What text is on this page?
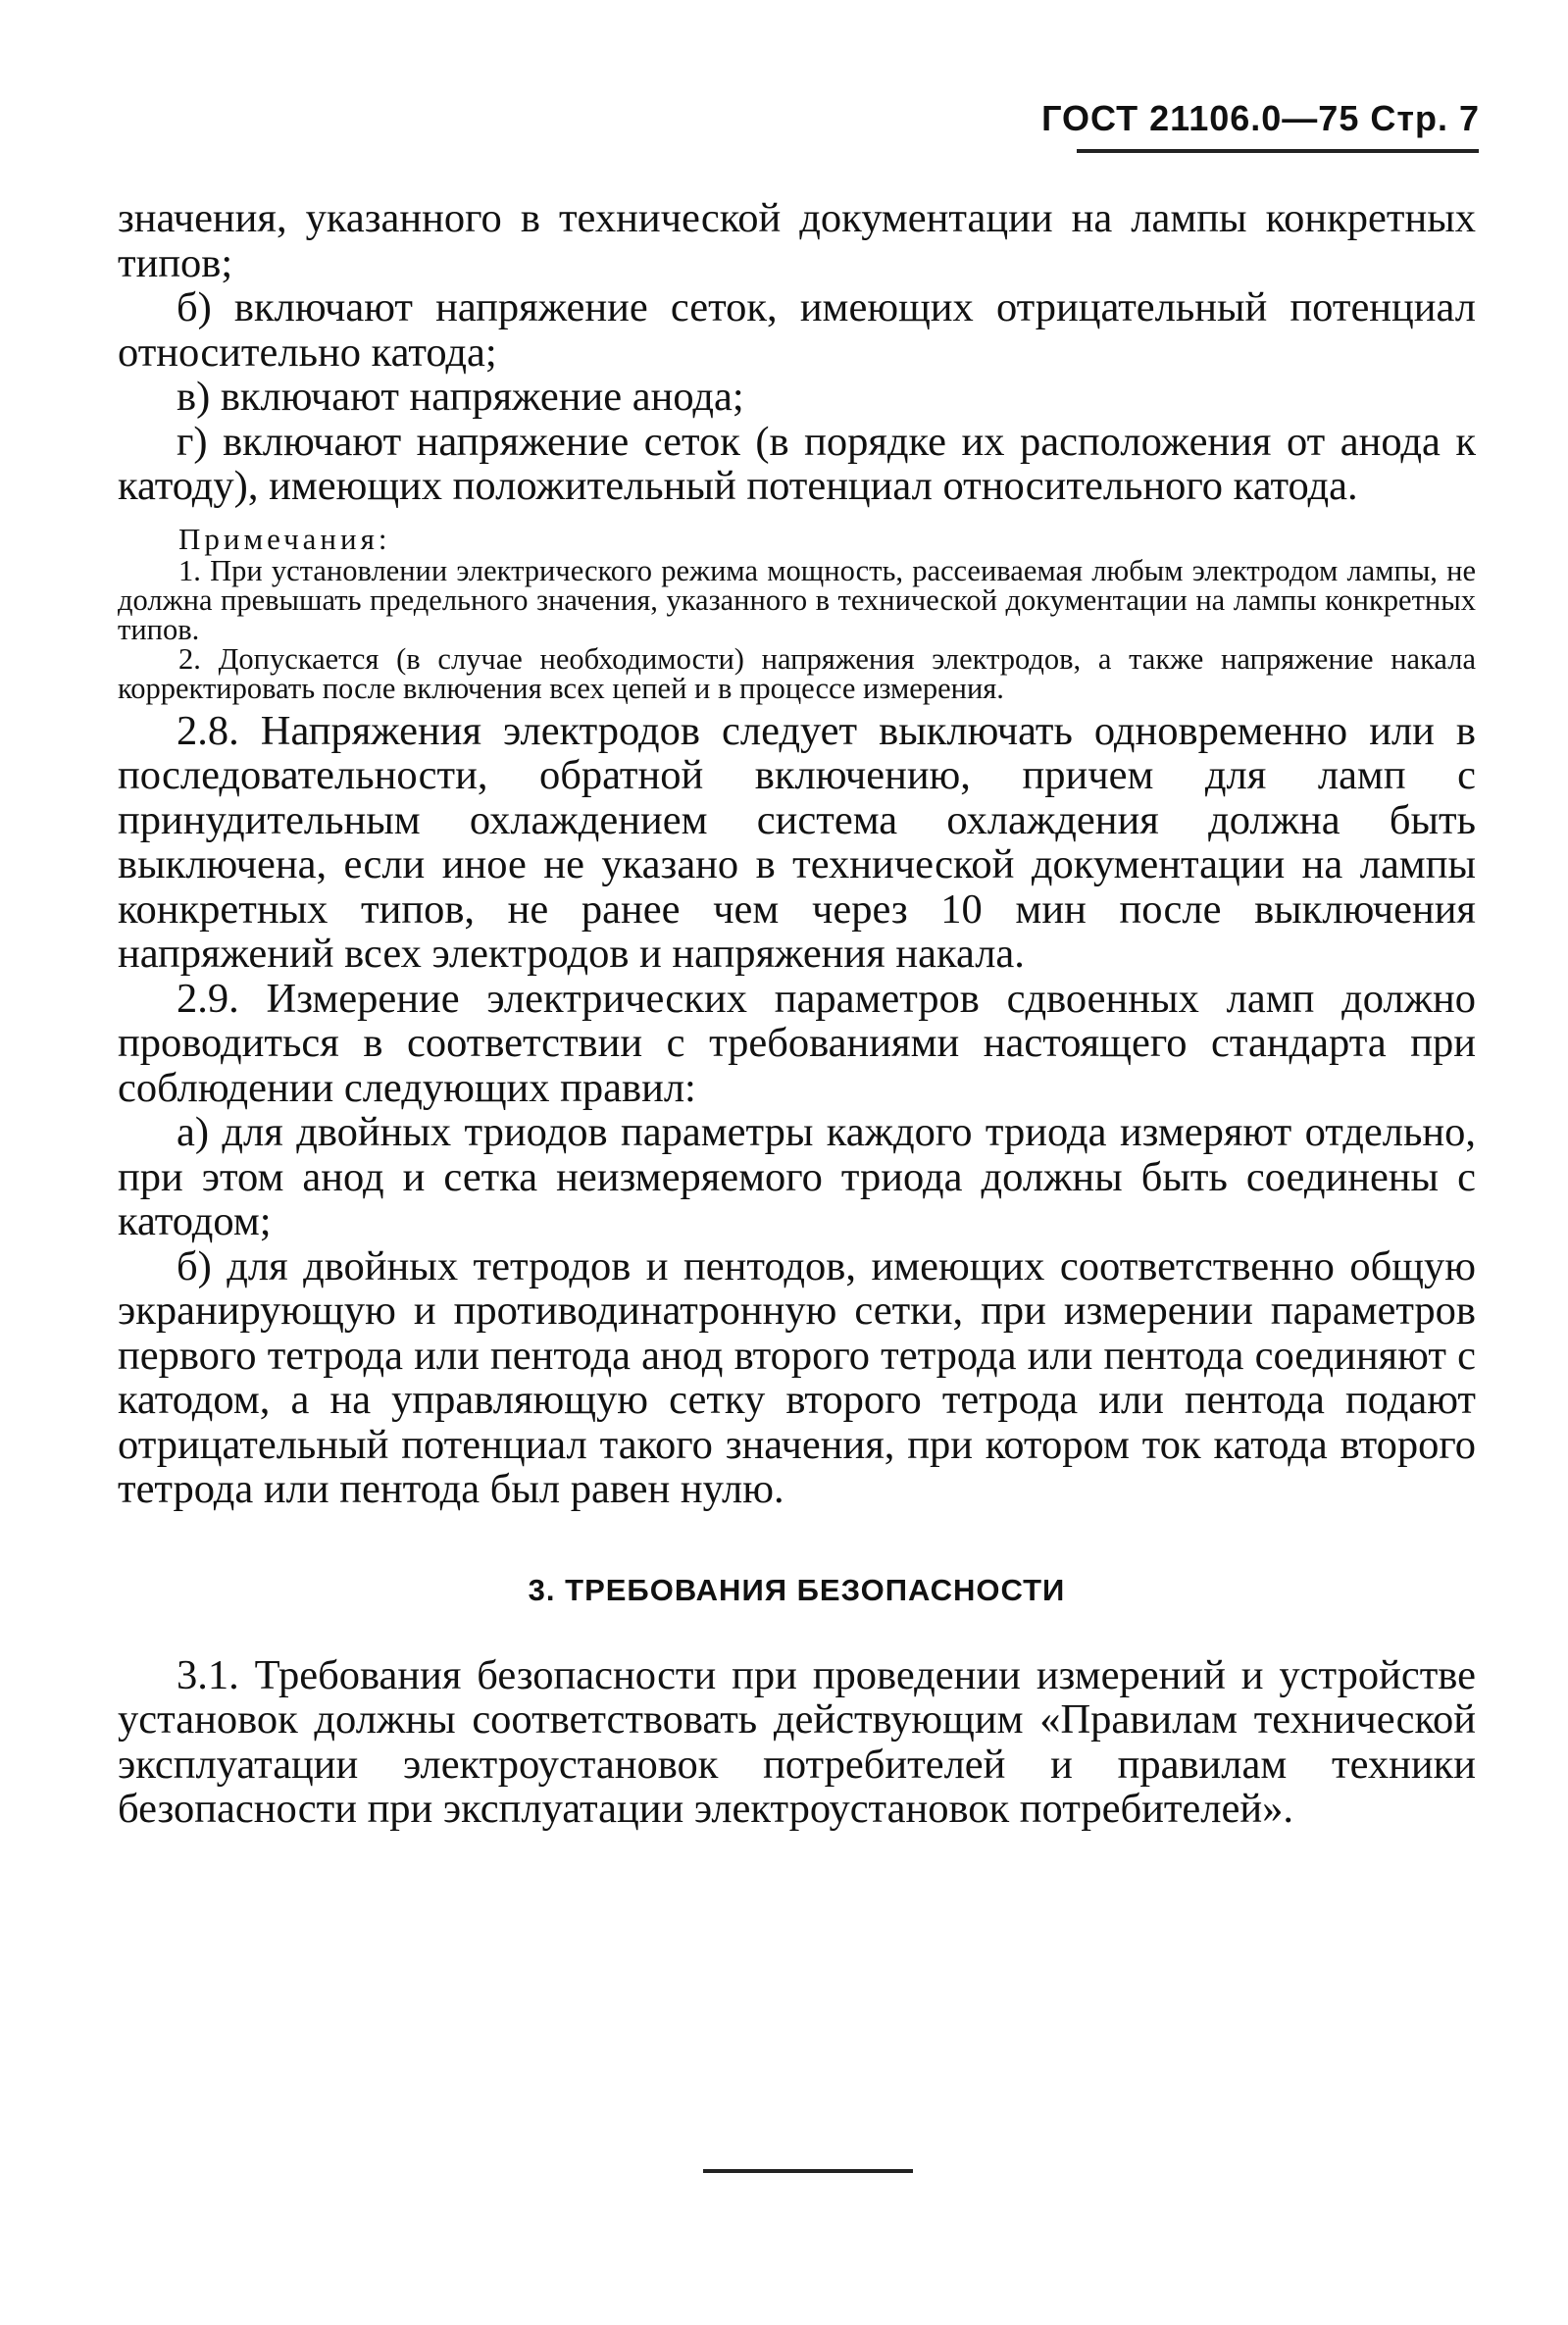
ГОСТ 21106.0—75 Стр. 7

значения, указанного в технической документации на лампы конкретных типов;

б) включают напряжение сеток, имеющих отрицательный потенциал относительно катода;

в) включают напряжение анода;

г) включают напряжение сеток (в порядке их расположения от анода к катоду), имеющих положительный потенциал относительного катода.

Примечания:

1. При установлении электрического режима мощность, рассеиваемая любым электродом лампы, не должна превышать предельного значения, указанного в технической документации на лампы конкретных типов.

2. Допускается (в случае необходимости) напряжения электродов, а также напряжение накала корректировать после включения всех цепей и в процессе измерения.

2.8. Напряжения электродов следует выключать одновременно или в последовательности, обратной включению, причем для ламп с принудительным охлаждением система охлаждения должна быть выключена, если иное не указано в технической документации на лампы конкретных типов, не ранее чем через 10 мин после выключения напряжений всех электродов и напряжения накала.

2.9. Измерение электрических параметров сдвоенных ламп должно проводиться в соответствии с требованиями настоящего стандарта при соблюдении следующих правил:

а) для двойных триодов параметры каждого триода измеряют отдельно, при этом анод и сетка неизмеряемого триода должны быть соединены с катодом;

б) для двойных тетродов и пентодов, имеющих соответственно общую экранирующую и противодинатронную сетки, при измерении параметров первого тетрода или пентода анод второго тетрода или пентода соединяют с катодом, а на управляющую сетку второго тетрода или пентода подают отрицательный потенциал такого значения, при котором ток катода второго тетрода или пентода был равен нулю.

3. ТРЕБОВАНИЯ БЕЗОПАСНОСТИ

3.1. Требования безопасности при проведении измерений и устройстве установок должны соответствовать действующим «Правилам технической эксплуатации электроустановок потребителей и правилам техники безопасности при эксплуатации электроустановок потребителей».
